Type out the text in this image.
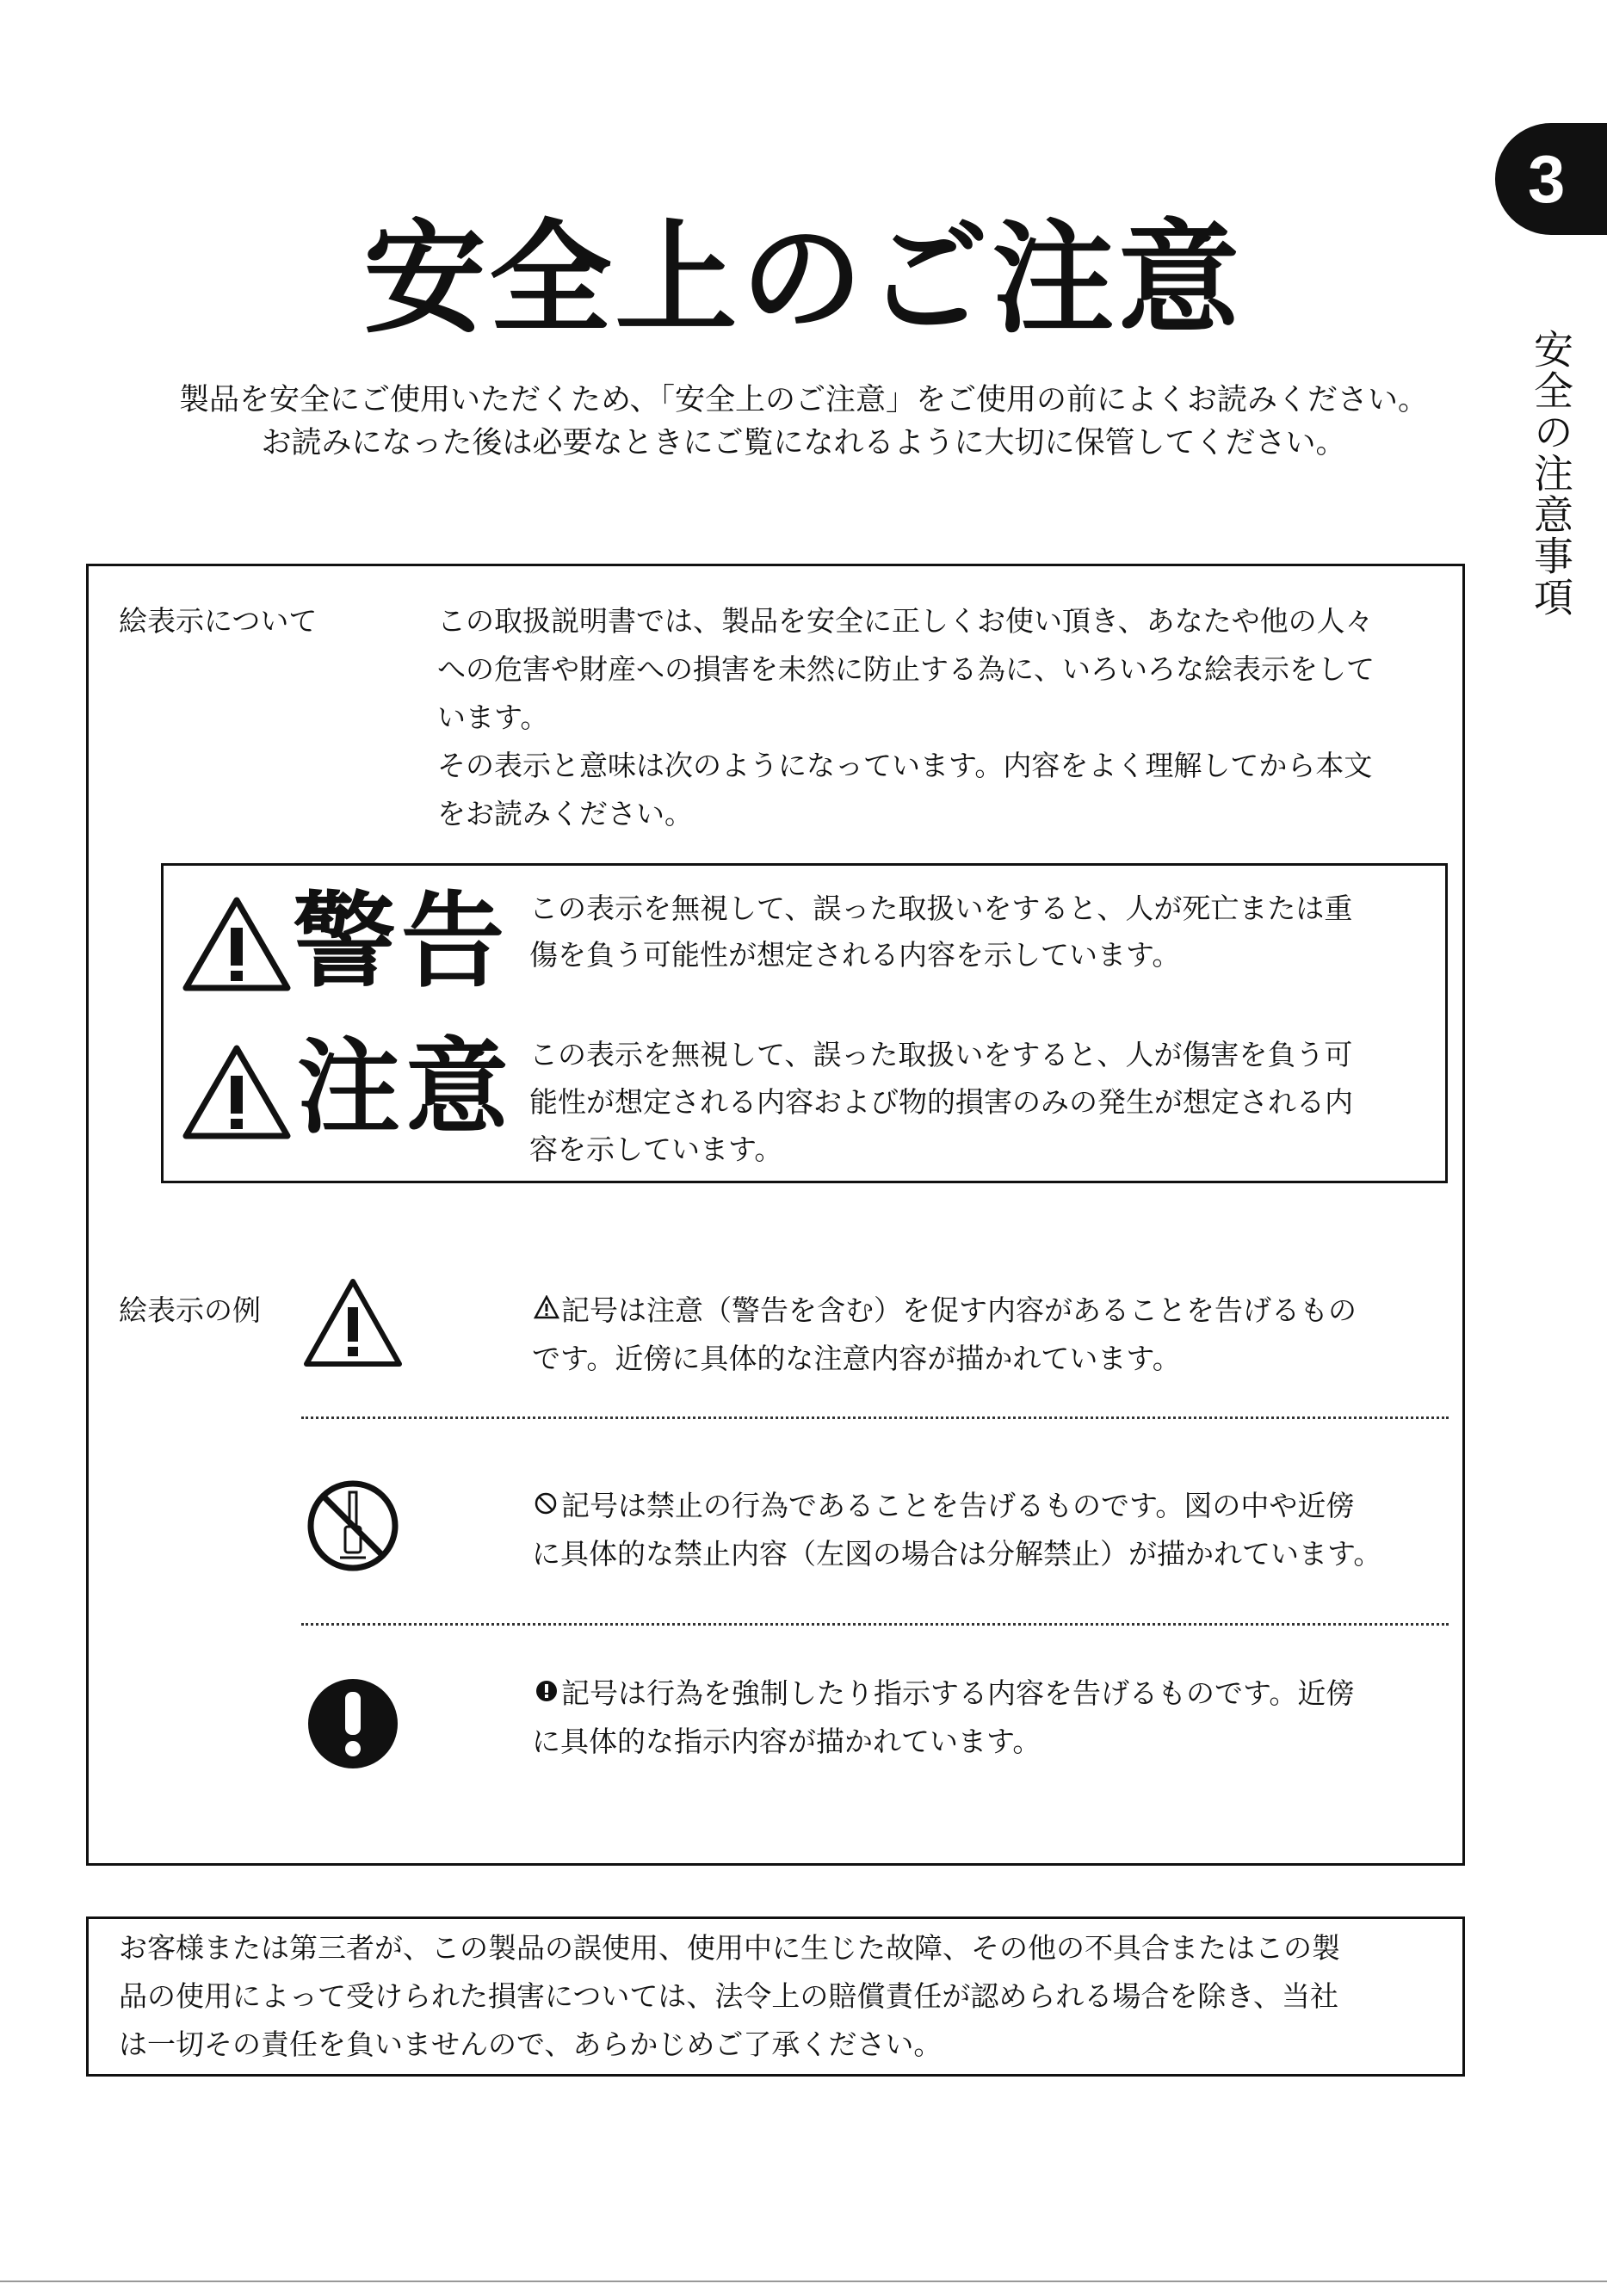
3
安全の注意事項
安全上のご注意
製品を安全にご使用いただくため、「安全上のご注意」をご使用の前によくお読みください。
お読みになった後は必要なときにご覧になれるように大切に保管してください。
絵表示について	この取扱説明書では、製品を安全に正しくお使い頂き、あなたや他の人々
への危害や財産への損害を未然に防止する為に、いろいろな絵表示をして
います。
その表示と意味は次のようになっています。内容をよく理解してから本文
をお読みください。
警告 この表示を無視して、誤った取扱いをすると、人が死亡または重
傷を負う可能性が想定される内容を示しています。
注意 この表示を無視して、誤った取扱いをすると、人が傷害を負う可
能性が想定される内容および物的損害のみの発生が想定される内
容を示しています。
絵表示の例	記号は注意（警告を含む）を促す内容があることを告げるもの
です。近傍に具体的な注意内容が描かれています。
記号は禁止の行為であることを告げるものです。図の中や近傍
に具体的な禁止内容（左図の場合は分解禁止）が描かれています。
記号は行為を強制したり指示する内容を告げるものです。近傍
に具体的な指示内容が描かれています。
お客様または第三者が、この製品の誤使用、使用中に生じた故障、その他の不具合またはこの製
品の使用によって受けられた損害については、法令上の賠償責任が認められる場合を除き、当社
は一切その責任を負いませんので、あらかじめご了承ください。
